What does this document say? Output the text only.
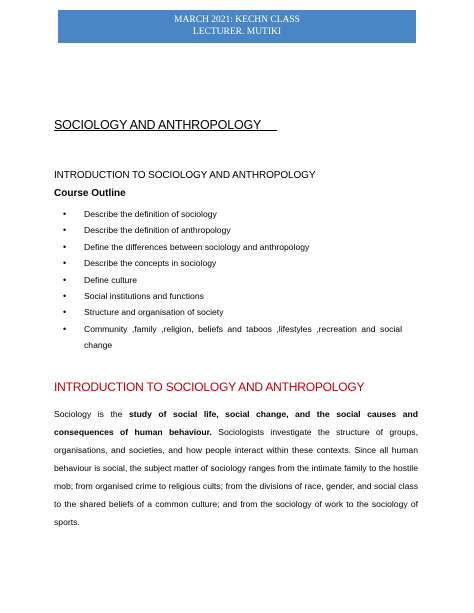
MARCH 2021: KECHN CLASS
LECTURER. MUTIKI
SOCIOLOGY AND ANTHROPOLOGY
INTRODUCTION TO SOCIOLOGY AND ANTHROPOLOGY
Course Outline
• Describe the definition of sociology
• Describe the definition of anthropology
• Define the differences between sociology and anthropology
• Describe the concepts in sociology
• Define culture
• Social institutions and functions
• Structure and organisation of society
• Community ,family ,religion, beliefs and taboos ,lifestyles ,recreation and social change
INTRODUCTION TO SOCIOLOGY AND ANTHROPOLOGY

Sociology is the study of social life, social change, and the social causes and consequences of human behaviour. Sociologists investigate the structure of groups, organisations, and societies, and how people interact within these contexts. Since all human behaviour is social, the subject matter of sociology ranges from the intimate family to the hostile mob; from organised crime to religious cults; from the divisions of race, gender, and social class to the shared beliefs of a common culture; and from the sociology of work to the sociology of sports.
